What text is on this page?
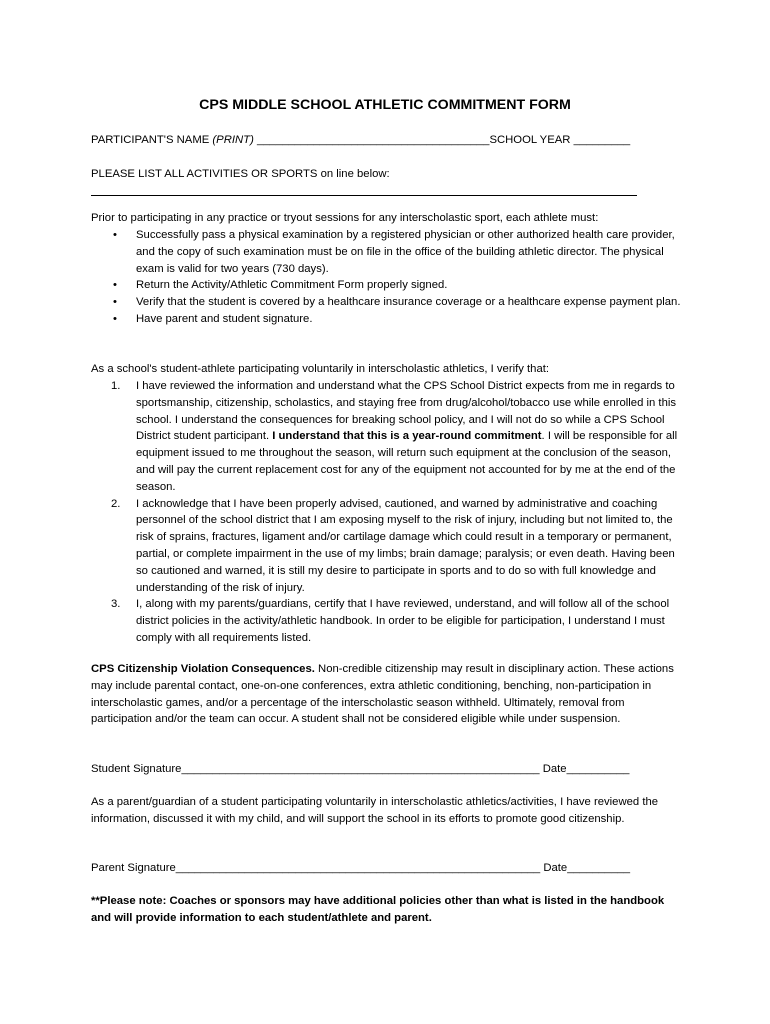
CPS MIDDLE SCHOOL ATHLETIC COMMITMENT FORM
PARTICIPANT'S NAME (PRINT) _____________________________________SCHOOL YEAR _________
PLEASE LIST ALL ACTIVITIES OR SPORTS on line below:
Prior to participating in any practice or tryout sessions for any interscholastic sport, each athlete must:
• Successfully pass a physical examination by a registered physician or other authorized health care provider, and the copy of such examination must be on file in the office of the building athletic director. The physical exam is valid for two years (730 days).
• Return the Activity/Athletic Commitment Form properly signed.
• Verify that the student is covered by a healthcare insurance coverage or a healthcare expense payment plan.
• Have parent and student signature.
As a school's student-athlete participating voluntarily in interscholastic athletics, I verify that:
1. I have reviewed the information and understand what the CPS School District expects from me in regards to sportsmanship, citizenship, scholastics, and staying free from drug/alcohol/tobacco use while enrolled in this school. I understand the consequences for breaking school policy, and I will not do so while a CPS School District student participant. I understand that this is a year-round commitment. I will be responsible for all equipment issued to me throughout the season, will return such equipment at the conclusion of the season, and will pay the current replacement cost for any of the equipment not accounted for by me at the end of the season.
2. I acknowledge that I have been properly advised, cautioned, and warned by administrative and coaching personnel of the school district that I am exposing myself to the risk of injury, including but not limited to, the risk of sprains, fractures, ligament and/or cartilage damage which could result in a temporary or permanent, partial, or complete impairment in the use of my limbs; brain damage; paralysis; or even death. Having been so cautioned and warned, it is still my desire to participate in sports and to do so with full knowledge and understanding of the risk of injury.
3. I, along with my parents/guardians, certify that I have reviewed, understand, and will follow all of the school district policies in the activity/athletic handbook. In order to be eligible for participation, I understand I must comply with all requirements listed.
CPS Citizenship Violation Consequences. Non-credible citizenship may result in disciplinary action. These actions may include parental contact, one-on-one conferences, extra athletic conditioning, benching, non-participation in interscholastic games, and/or a percentage of the interscholastic season withheld. Ultimately, removal from participation and/or the team can occur. A student shall not be considered eligible while under suspension.
Student Signature_________________________________________________________ Date__________
As a parent/guardian of a student participating voluntarily in interscholastic athletics/activities, I have reviewed the information, discussed it with my child, and will support the school in its efforts to promote good citizenship.
Parent Signature__________________________________________________________ Date__________
**Please note: Coaches or sponsors may have additional policies other than what is listed in the handbook and will provide information to each student/athlete and parent.
